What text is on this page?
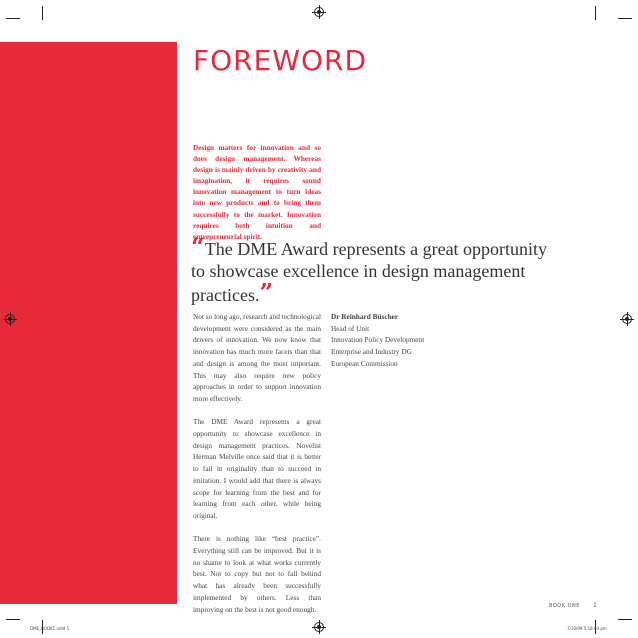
FOREWORD

Design matters for innovation and so does design management. Whereas design is mainly driven by creativity and imagination, it requires sound innovation management to turn ideas into new products and to bring them successfully to the market. Innovation requires both intuition and entrepreneurial spirit.

“The DME Award represents a great opportunity to showcase excellence in design management practices.”

Not so long ago, research and technological development were considered as the main drivers of innovation. We now know that innovation has much more facets than that and design is among the most important. This may also require new policy approaches in order to support innovation more effectively.

The DME Award represents a great opportunity to showcase excellence in design management practices. Novelist Herman Melville once said that it is better to fail in originality than to succeed in imitation. I would add that there is always scope for learning from the best and for learning from each other, while being original.

There is nothing like “best practice”. Everything still can be improved. But it is no shame to look at what works currently best. Not to copy but not to fall behind what has already been successfully implemented by others. Less than improving on the best is not good enough.

Dr Reinhard Büscher
Head of Unit
Innovation Policy Development
Enterprise and Industry DG
European Commission
BOOK ONE 1
DME_BOOK1.indd 5	7/10/09 5:18:03 pm
